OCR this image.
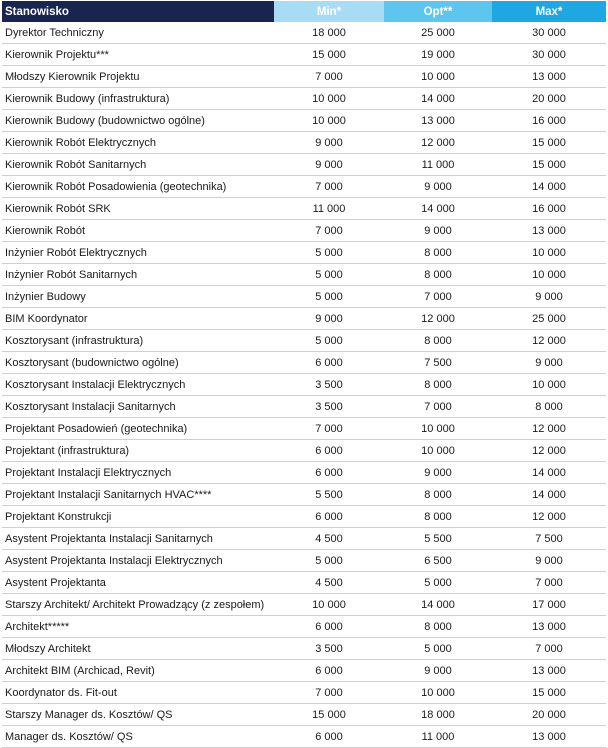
Stanowisko	Min*	Opt**	Max*
Dyrektor Techniczny	18 000	25 000	30 000
Kierownik Projektu***	15 000	19 000	30 000
Młodszy Kierownik Projektu	7 000	10 000	13 000
Kierownik Budowy (infrastruktura)	10 000	14 000	20 000
Kierownik Budowy (budownictwo ogólne)	10 000	13 000	16 000
Kierownik Robót Elektrycznych	9 000	12 000	15 000
Kierownik Robót Sanitarnych	9 000	11 000	15 000
Kierownik Robót Posadowienia (geotechnika)	7 000	9 000	14 000
Kierownik Robót SRK	11 000	14 000	16 000
Kierownik Robót	7 000	9 000	13 000
Inżynier Robót Elektrycznych	5 000	8 000	10 000
Inżynier Robót Sanitarnych	5 000	8 000	10 000
Inżynier Budowy	5 000	7 000	9 000
BIM Koordynator	9 000	12 000	25 000
Kosztorysant (infrastruktura)	5 000	8 000	12 000
Kosztorysant (budownictwo ogólne)	6 000	7 500	9 000
Kosztorysant Instalacji Elektrycznych	3 500	8 000	10 000
Kosztorysant Instalacji Sanitarnych	3 500	7 000	8 000
Projektant Posadowień (geotechnika)	7 000	10 000	12 000
Projektant (infrastruktura)	6 000	10 000	12 000
Projektant Instalacji Elektrycznych	6 000	9 000	14 000
Projektant Instalacji Sanitarnych HVAC****	5 500	8 000	14 000
Projektant Konstrukcji	6 000	8 000	12 000
Asystent Projektanta Instalacji Sanitarnych	4 500	5 500	7 500
Asystent Projektanta Instalacji Elektrycznych	5 000	6 500	9 000
Asystent Projektanta	4 500	5 000	7 000
Starszy Architekt/ Architekt Prowadzący (z zespołem)	10 000	14 000	17 000
Architekt*****	6 000	8 000	13 000
Młodszy Architekt	3 500	5 000	7 000
Architekt BIM (Archicad, Revit)	6 000	9 000	13 000
Koordynator ds. Fit-out	7 000	10 000	15 000
Starszy Manager ds. Kosztów/ QS	15 000	18 000	20 000
Manager ds. Kosztów/ QS	6 000	11 000	13 000
